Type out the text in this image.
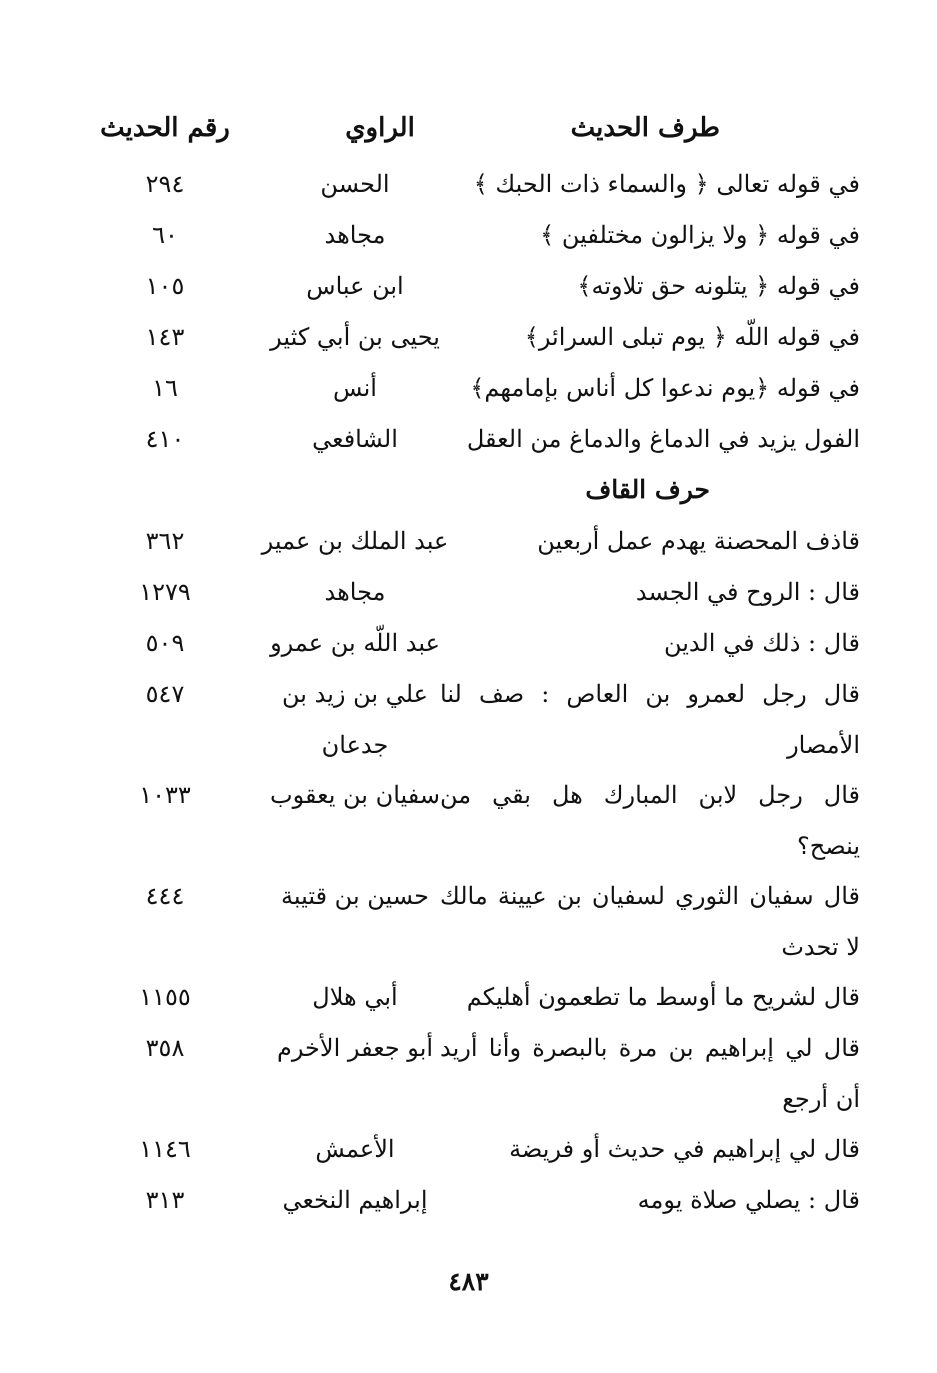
طرف الحديث
الراوي
رقم الحديث
في قوله تعالى ﴿ والسماء ذات الحبك ﴾
الحسن
٢٩٤
في قوله ﴿ ولا يزالون مختلفين ﴾
مجاهد
٦٠
في قوله ﴿ يتلونه حق تلاوته﴾
ابن عباس
١٠٥
في قوله اللّه ﴿ يوم تبلى السرائر﴾
يحيى بن أبي كثير
١٤٣
في قوله ﴿يوم ندعوا كل أناس بإمامهم﴾
أنس
١٦
الفول يزيد في الدماغ والدماغ من العقل
الشافعي
٤١٠
حرف القاف
قاذف المحصنة يهدم عمل أربعين
عبد الملك بن عمير
٣٦٢
قال : الروح في الجسد
مجاهد
١٢٧٩
قال : ذلك في الدين
عبد اللّه بن عمرو
٥٠٩
قال رجل لعمرو بن العاص : صف لنا
علي بن زيد بن
٥٤٧
الأمصار
جدعان
قال رجل لابن المبارك هل بقي من
سفيان بن يعقوب
١٠٣٣
ينصح؟
قال سفيان الثوري لسفيان بن عيينة مالك
حسين بن قتيبة
٤٤٤
لا تحدث
قال لشريح ما أوسط ما تطعمون أهليكم
أبي هلال
١١٥٥
قال لي إبراهيم بن مرة بالبصرة وأنا أريد
أبو جعفر الأخرم
٣٥٨
أن أرجع
قال لي إبراهيم في حديث أو فريضة
الأعمش
١١٤٦
قال : يصلي صلاة يومه
إبراهيم النخعي
٣١٣
٤٨٣
